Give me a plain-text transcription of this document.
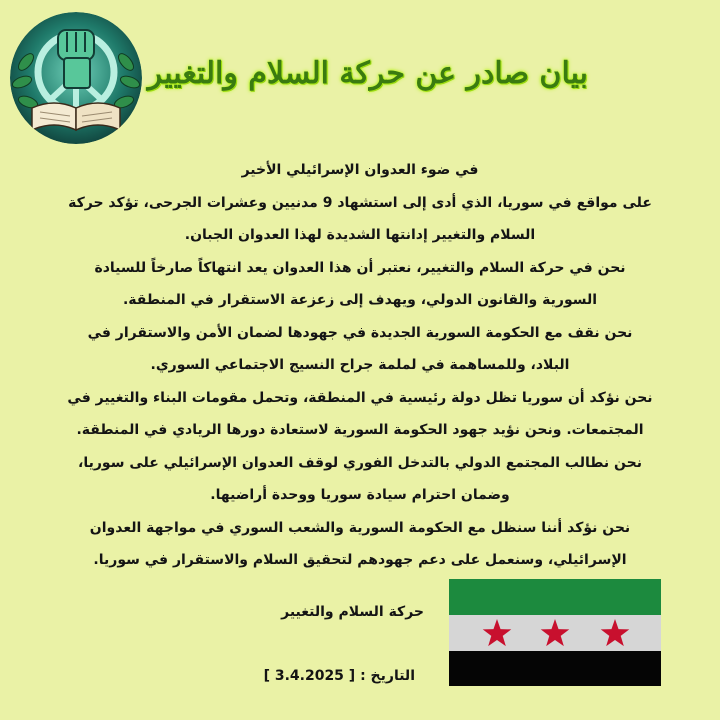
بيان صادر عن حركة السلام والتغيير
في ضوء العدوان الإسرائيلي الأخير
على مواقع في سوريا، الذي أدى إلى استشهاد 9 مدنيين وعشرات الجرحى، تؤكد حركة
السلام والتغيير إدانتها الشديدة لهذا العدوان الجبان.
نحن في حركة السلام والتغيير، نعتبر أن هذا العدوان يعد انتهاكاً صارخاً للسيادة
السورية والقانون الدولي، ويهدف إلى زعزعة الاستقرار في المنطقة.
نحن نقف مع الحكومة السورية الجديدة في جهودها لضمان الأمن والاستقرار في
البلاد، وللمساهمة في لملمة جراح النسيج الاجتماعي السوري.
نحن نؤكد أن سوريا تظل دولة رئيسية في المنطقة، وتحمل مقومات البناء والتغيير في
المجتمعات. ونحن نؤيد جهود الحكومة السورية لاستعادة دورها الريادي في المنطقة.
نحن نطالب المجتمع الدولي بالتدخل الفوري لوقف العدوان الإسرائيلي على سوريا،
وضمان احترام سيادة سوريا ووحدة أراضيها.
نحن نؤكد أننا سنظل مع الحكومة السورية والشعب السوري في مواجهة العدوان
الإسرائيلي، وسنعمل على دعم جهودهم لتحقيق السلام والاستقرار في سوريا.
حركة السلام والتغيير
التاريخ : [ 3.4.2025 ]
